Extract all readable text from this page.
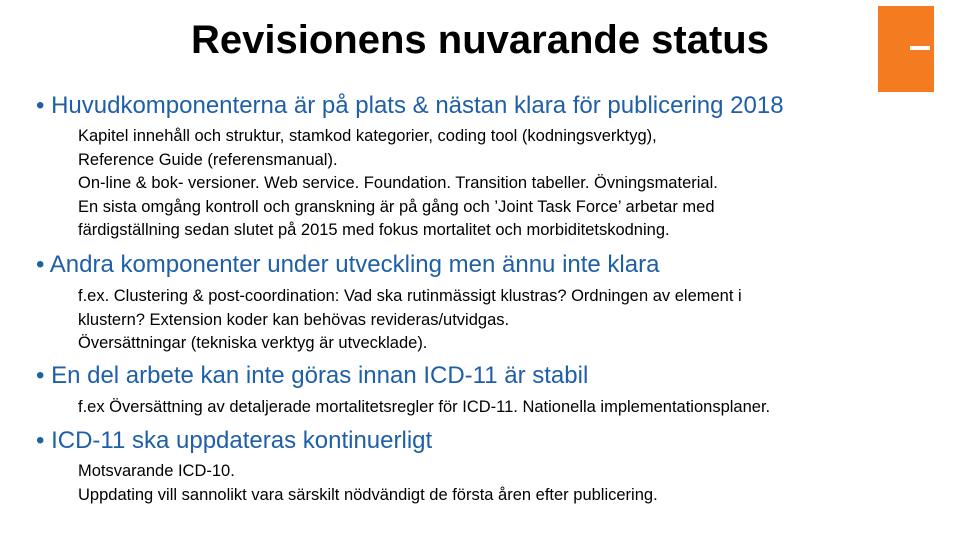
Revisionens nuvarande status
• Huvudkomponenterna är på plats & nästan klara för publicering 2018
Kapitel innehåll och struktur, stamkod kategorier, coding tool (kodningsverktyg),
Reference Guide (referensmanual).
On-line & bok- versioner. Web service. Foundation. Transition tabeller. Övningsmaterial.
En sista omgång kontroll och granskning är på gång och ’Joint Task Force’ arbetar med
färdigställning sedan slutet på 2015 med fokus mortalitet och morbiditetskodning.
• Andra komponenter under utveckling men ännu inte klara
f.ex. Clustering & post-coordination: Vad ska rutinmässigt klustras? Ordningen av element i
klustern? Extension koder kan behövas revideras/utvidgas.
Översättningar (tekniska verktyg är utvecklade).
• En del arbete kan inte göras innan ICD-11 är stabil
f.ex Översättning av detaljerade mortalitetsregler för ICD-11. Nationella implementationsplaner.
• ICD-11 ska uppdateras kontinuerligt
Motsvarande ICD-10.
Uppdating vill sannolikt vara särskilt nödvändigt de första åren efter publicering.
